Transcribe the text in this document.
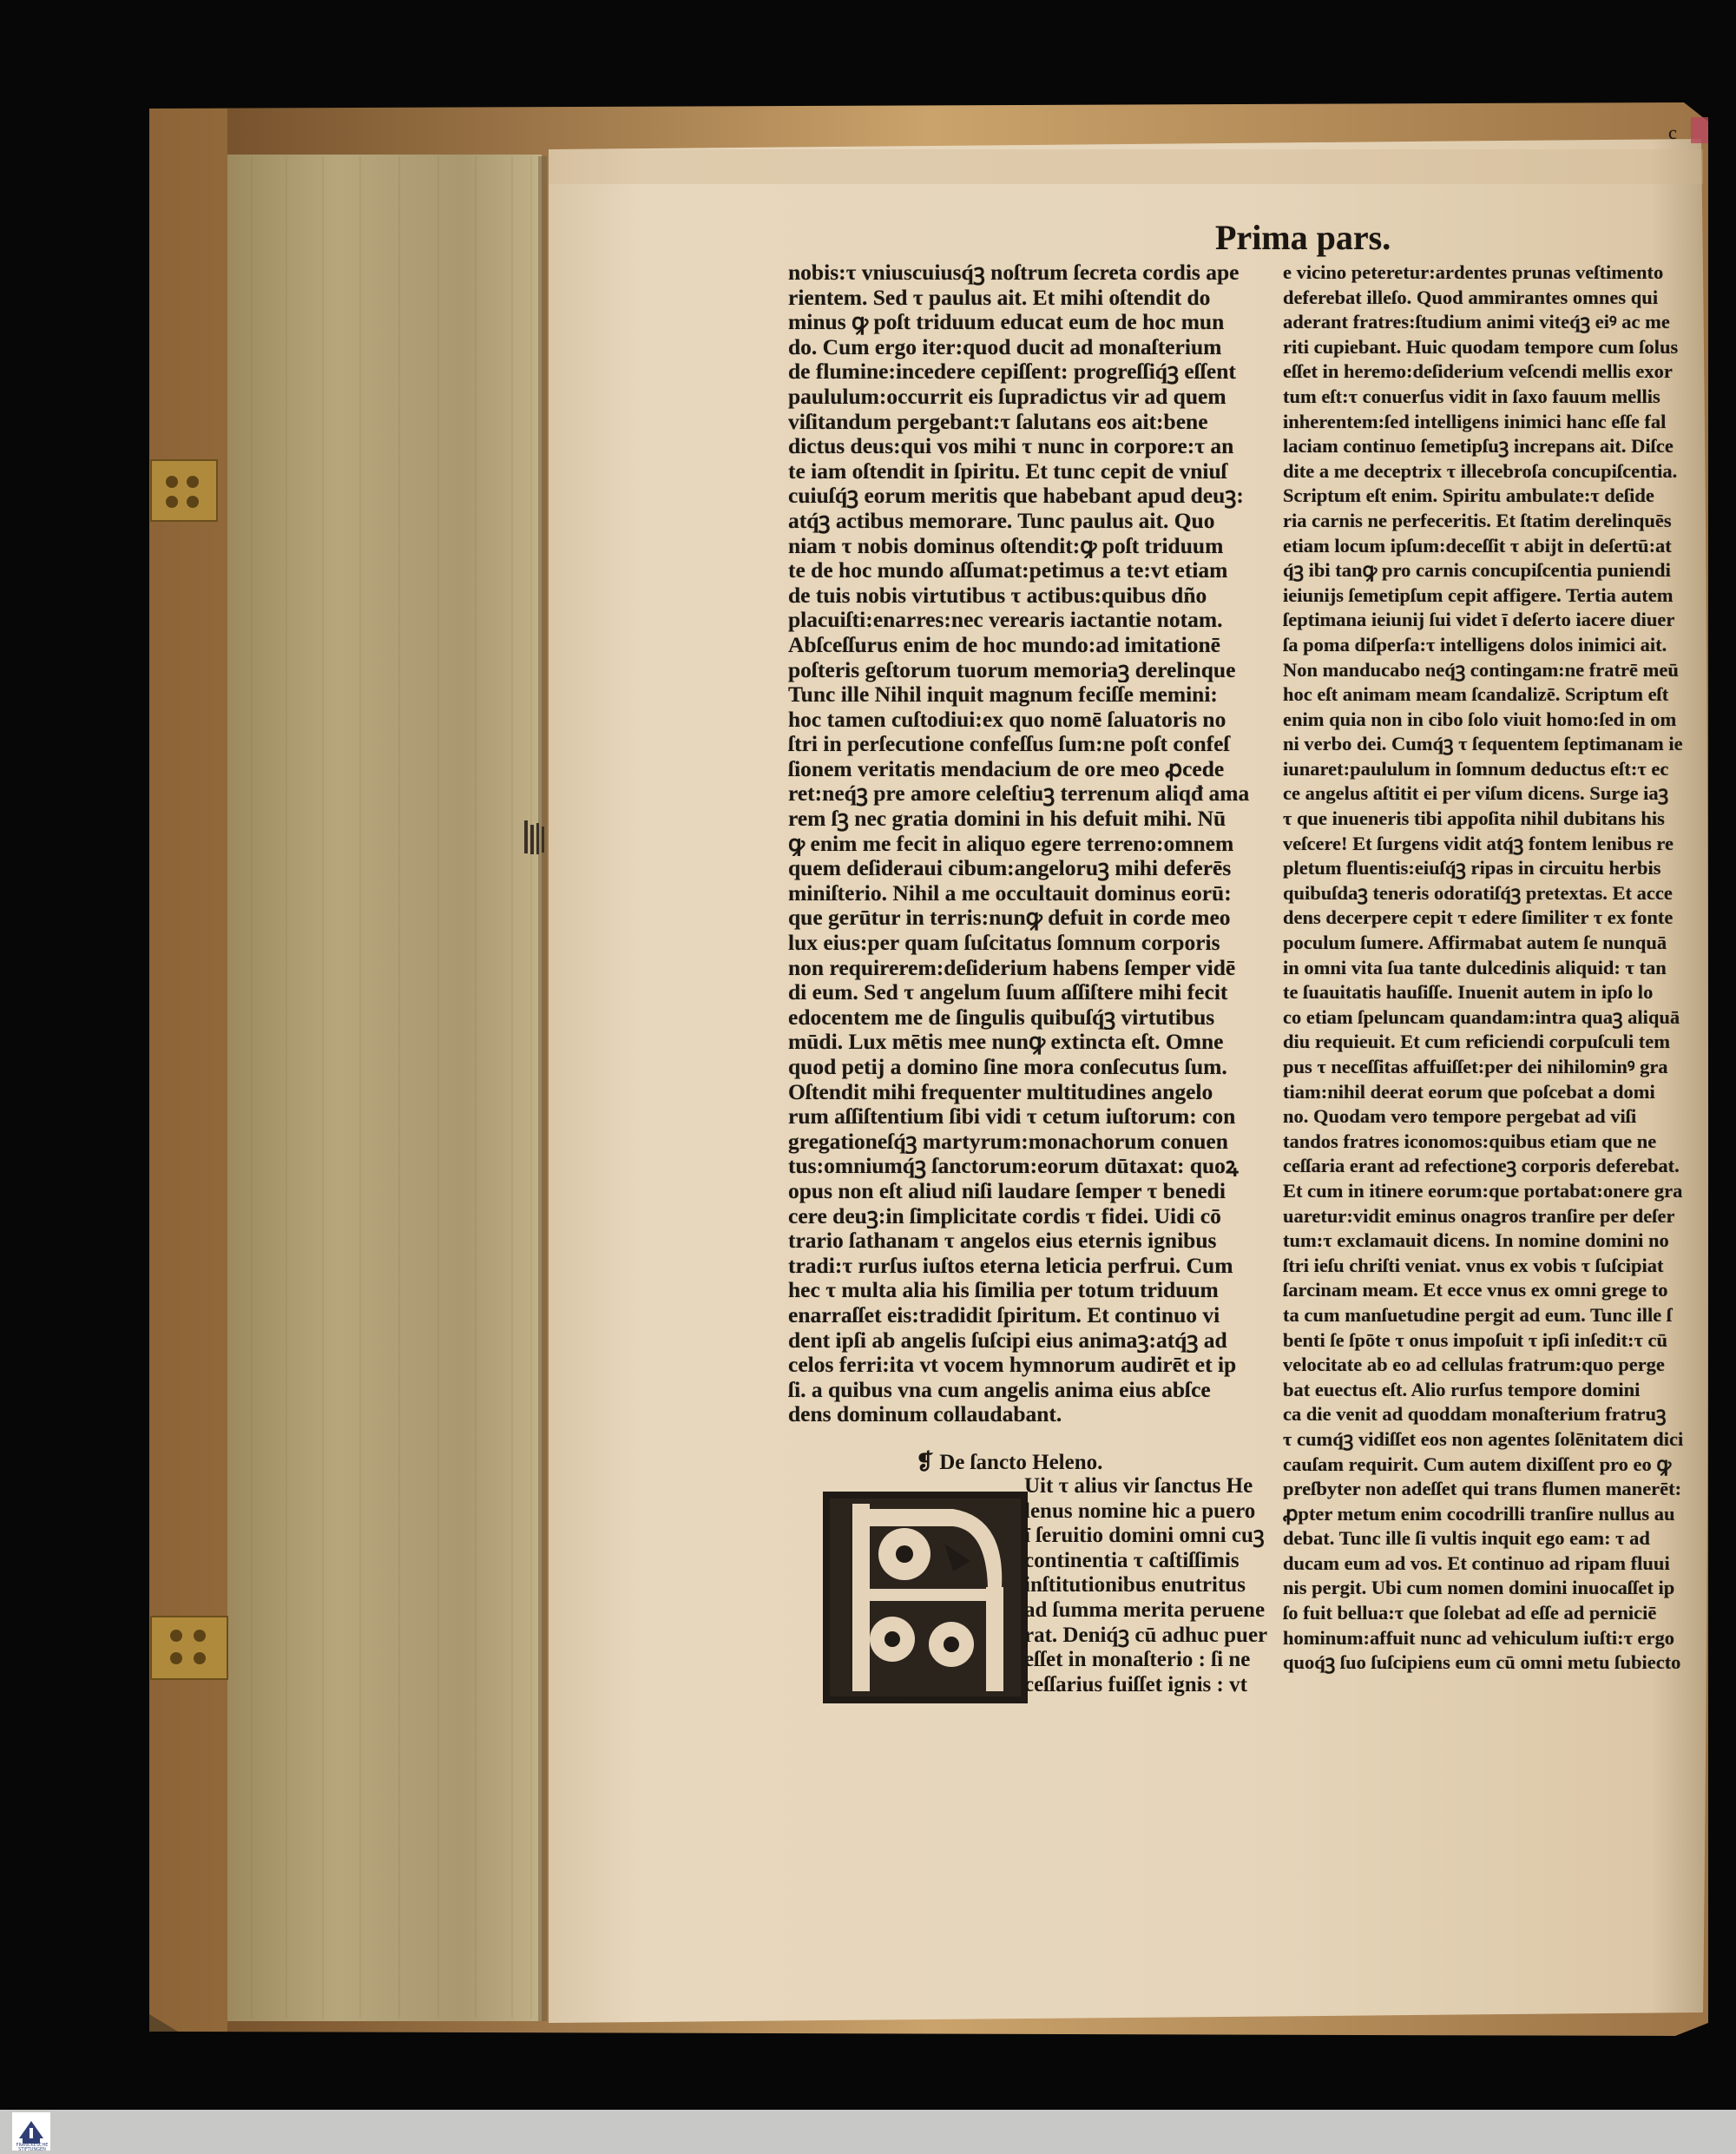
Prima pars.
c
nobis:τ vniuscuiusq́ꝫ noſtrum ſecreta cordis ape
rientem. Sed τ paulus ait. Et mihi oſtendit do
minus ꝙ poſt triduum educat eum de hoc mun
do. Cum ergo iter:quod ducit ad monaſterium
de flumine:incedere cepiſſent: progreſſiq́ꝫ eſſent
paululum:occurrit eis ſupradictus vir ad quem
viſitandum pergebant:τ ſalutans eos ait:bene
dictus deus:qui vos mihi τ nunc in corpore:τ an
te iam oſtendit in ſpiritu. Et tunc cepit de vniuſ
cuiuſq́ꝫ eorum meritis que habebant apud deuꝫ:
atq́ꝫ actibus memorare. Tunc paulus ait. Quo
niam τ nobis dominus oſtendit:ꝙ poſt triduum
te de hoc mundo aſſumat:petimus a te:vt etiam
de tuis nobis virtutibus τ actibus:quibus dño
placuiſti:enarres:nec verearis iactantie notam.
Abſceſſurus enim de hoc mundo:ad imitationē
poſteris geſtorum tuorum memoriaꝫ derelinque
Tunc ille Nihil inquit magnum feciſſe memini:
hoc tamen cuſtodiui:ex quo nomē ſaluatoris no
ſtri in perſecutione confeſſus ſum:ne poſt confeſ
ſionem veritatis mendacium de ore meo ꝓcede
ret:neq́ꝫ pre amore celeſtiuꝫ terrenum aliqđ ama
rem ſꝫ nec gratia domini in his defuit mihi. Nū
ꝙ enim me fecit in aliquo egere terreno:omnem
quem deſideraui cibum:angeloruꝫ mihi deferēs
miniſterio. Nihil a me occultauit dominus eorū:
que gerūtur in terris:nunꝙ defuit in corde meo
lux eius:per quam ſuſcitatus ſomnum corporis
non requirerem:deſiderium habens ſemper vidē
di eum. Sed τ angelum ſuum aſſiſtere mihi fecit
edocentem me de ſingulis quibuſq́ꝫ virtutibus
mūdi. Lux mētis mee nunꝙ extincta eſt. Omne
quod petij a domino ſine mora conſecutus ſum.
Oſtendit mihi frequenter multitudines angelo
rum aſſiſtentium ſibi vidi τ cetum iuſtorum: con
gregationeſq́ꝫ martyrum:monachorum conuen
tus:omniumq́ꝫ ſanctorum:eorum dūtaxat: quoꝝ
opus non eſt aliud niſi laudare ſemper τ benedi
cere deuꝫ:in ſimplicitate cordis τ fidei. Uidi cō
trario ſathanam τ angelos eius eternis ignibus
tradi:τ rurſus iuſtos eterna leticia perfrui. Cum
hec τ multa alia his ſimilia per totum triduum
enarraſſet eis:tradidit ſpiritum. Et continuo vi
dent ipſi ab angelis ſuſcipi eius animaꝫ:atq́ꝫ ad
celos ferri:ita vt vocem hymnorum audirēt et ip
ſi. a quibus vna cum angelis anima eius abſce
dens dominum collaudabant.
❡ De ſancto Heleno.
Uit τ alius vir ſanctus He
lenus nomine hic a puero
ī ſeruitio domini omni cuꝫ
continentia τ caſtiſſimis
inſtitutionibus enutritus
ad ſumma merita peruene
rat. Deniq́ꝫ cū adhuc puer
eſſet in monaſterio : ſi ne
ceſſarius fuiſſet ignis : vt
e vicino peteretur:ardentes prunas veſtimento
deferebat illeſo. Quod ammirantes omnes qui
aderant fratres:ſtudium animi viteq́ꝫ eiꝰ ac me
riti cupiebant. Huic quodam tempore cum ſolus
eſſet in heremo:deſiderium veſcendi mellis exor
tum eſt:τ conuerſus vidit in ſaxo fauum mellis
inherentem:ſed intelligens inimici hanc eſſe fal
laciam continuo ſemetipſuꝫ increpans ait. Diſce
dite a me deceptrix τ illecebroſa concupiſcentia.
Scriptum eſt enim. Spiritu ambulate:τ deſide
ria carnis ne perfeceritis. Et ſtatim derelinquēs
etiam locum ipſum:deceſſit τ abijt in deſertū:at
q́ꝫ ibi tanꝙ pro carnis concupiſcentia puniendi
ieiunijs ſemetipſum cepit affigere. Tertia autem
ſeptimana ieiunij ſui videt ī deſerto iacere diuer
ſa poma diſperſa:τ intelligens dolos inimici ait.
Non manducabo neq́ꝫ contingam:ne fratrē meū
hoc eſt animam meam ſcandalizē. Scriptum eſt
enim quia non in cibo ſolo viuit homo:ſed in om
ni verbo dei. Cumq́ꝫ τ ſequentem ſeptimanam ie
iunaret:paululum in ſomnum deductus eſt:τ ec
ce angelus aſtitit ei per viſum dicens. Surge iaꝫ
τ que inueneris tibi appoſita nihil dubitans his
veſcere! Et ſurgens vidit atq́ꝫ fontem lenibus re
pletum fluentis:eiuſq́ꝫ ripas in circuitu herbis
quibuſdaꝫ teneris odoratiſq́ꝫ pretextas. Et acce
dens decerpere cepit τ edere ſimiliter τ ex fonte
poculum ſumere. Affirmabat autem ſe nunquā
in omni vita ſua tante dulcedinis aliquid: τ tan
te ſuauitatis hauſiſſe. Inuenit autem in ipſo lo
co etiam ſpeluncam quandam:intra quaꝫ aliquā
diu requieuit. Et cum reficiendi corpuſculi tem
pus τ neceſſitas affuiſſet:per dei nihilominꝰ gra
tiam:nihil deerat eorum que poſcebat a domi
no. Quodam vero tempore pergebat ad viſi
tandos fratres iconomos:quibus etiam que ne
ceſſaria erant ad refectioneꝫ corporis deferebat.
Et cum in itinere eorum:que portabat:onere gra
uaretur:vidit eminus onagros tranſire per deſer
tum:τ exclamauit dicens. In nomine domini no
ſtri ieſu chriſti veniat. vnus ex vobis τ ſuſcipiat
ſarcinam meam. Et ecce vnus ex omni grege to
ta cum manſuetudine pergit ad eum. Tunc ille ſ
benti ſe ſpōte τ onus impoſuit τ ipſi inſedit:τ cū
velocitate ab eo ad cellulas fratrum:quo perge
bat euectus eſt. Alio rurſus tempore domini
ca die venit ad quoddam monaſterium fratruꝫ
τ cumq́ꝫ vidiſſet eos non agentes ſolēnitatem dici
cauſam requirit. Cum autem dixiſſent pro eo ꝙ
preſbyter non adeſſet qui trans flumen manerēt:
ꝓpter metum enim cocodrilli tranſire nullus au
debat. Tunc ille ſi vultis inquit ego eam: τ ad
ducam eum ad vos. Et continuo ad ripam fluui
nis pergit. Ubi cum nomen domini inuocaſſet ip
ſo fuit bellua:τ que ſolebat ad eſſe ad perniciē
hominum:affuit nunc ad vehiculum iuſti:τ ergo
quoq́ꝫ ſuo ſuſcipiens eum cū omni metu ſubiecto
FRANCKESCHE STIFTUNGEN
